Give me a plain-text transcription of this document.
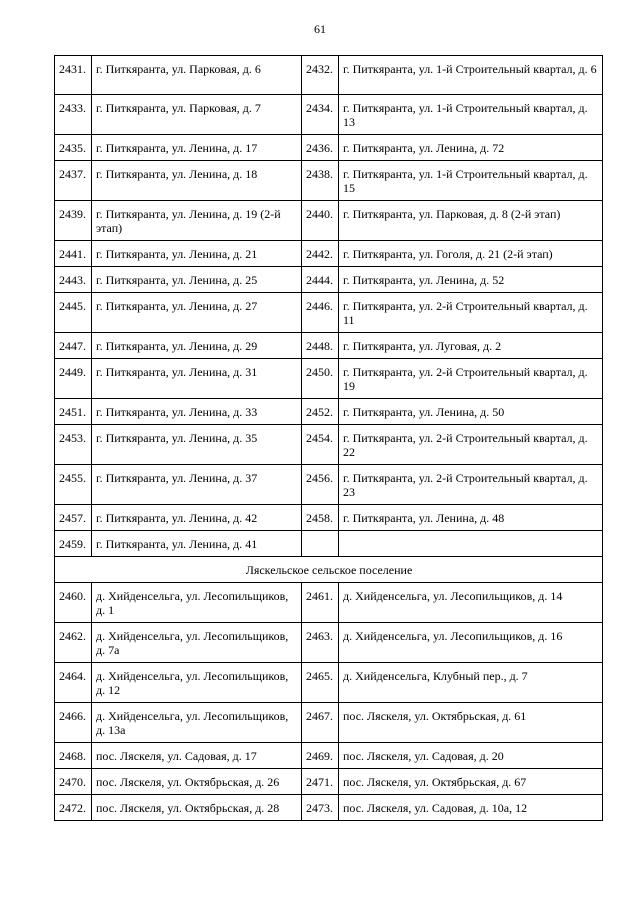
61
2431.	г. Питкяранта, ул. Парковая, д. 6	2432.	г. Питкяранта, ул. 1-й Строительный квартал, д. 6
2433.	г. Питкяранта, ул. Парковая, д. 7	2434.	г. Питкяранта, ул. 1-й Строительный квартал, д. 13
2435.	г. Питкяранта, ул. Ленина, д. 17	2436.	г. Питкяранта, ул. Ленина, д. 72
2437.	г. Питкяранта, ул. Ленина, д. 18	2438.	г. Питкяранта, ул. 1-й Строительный квартал, д. 15
2439.	г. Питкяранта, ул. Ленина, д. 19 (2-й этап)	2440.	г. Питкяранта, ул. Парковая, д. 8 (2-й этап)
2441.	г. Питкяранта, ул. Ленина, д. 21	2442.	г. Питкяранта, ул. Гоголя, д. 21 (2-й этап)
2443.	г. Питкяранта, ул. Ленина, д. 25	2444.	г. Питкяранта, ул. Ленина, д. 52
2445.	г. Питкяранта, ул. Ленина, д. 27	2446.	г. Питкяранта, ул. 2-й Строительный квартал, д. 11
2447.	г. Питкяранта, ул. Ленина, д. 29	2448.	г. Питкяранта, ул. Луговая, д. 2
2449.	г. Питкяранта, ул. Ленина, д. 31	2450.	г. Питкяранта, ул. 2-й Строительный квартал, д. 19
2451.	г. Питкяранта, ул. Ленина, д. 33	2452.	г. Питкяранта, ул. Ленина, д. 50
2453.	г. Питкяранта, ул. Ленина, д. 35	2454.	г. Питкяранта, ул. 2-й Строительный квартал, д. 22
2455.	г. Питкяранта, ул. Ленина, д. 37	2456.	г. Питкяранта, ул. 2-й Строительный квартал, д. 23
2457.	г. Питкяранта, ул. Ленина, д. 42	2458.	г. Питкяранта, ул. Ленина, д. 48
2459.	г. Питкяранта, ул. Ленина, д. 41		
Ляскельское сельское поселение			
2460.	д. Хийденсельга, ул. Лесопильщиков, д. 1	2461.	д. Хийденсельга, ул. Лесопильщиков, д. 14
2462.	д. Хийденсельга, ул. Лесопильщиков, д. 7а	2463.	д. Хийденсельга, ул. Лесопильщиков, д. 16
2464.	д. Хийденсельга, ул. Лесопильщиков, д. 12	2465.	д. Хийденсельга, Клубный пер., д. 7
2466.	д. Хийденсельга, ул. Лесопильщиков, д. 13а	2467.	пос. Ляскеля, ул. Октябрьская, д. 61
2468.	пос. Ляскеля, ул. Садовая, д. 17	2469.	пос. Ляскеля, ул. Садовая, д. 20
2470.	пос. Ляскеля, ул. Октябрьская, д. 26	2471.	пос. Ляскеля, ул. Октябрьская, д. 67
2472.	пос. Ляскеля, ул. Октябрьская, д. 28	2473.	пос. Ляскеля, ул. Садовая, д. 10а, 12
